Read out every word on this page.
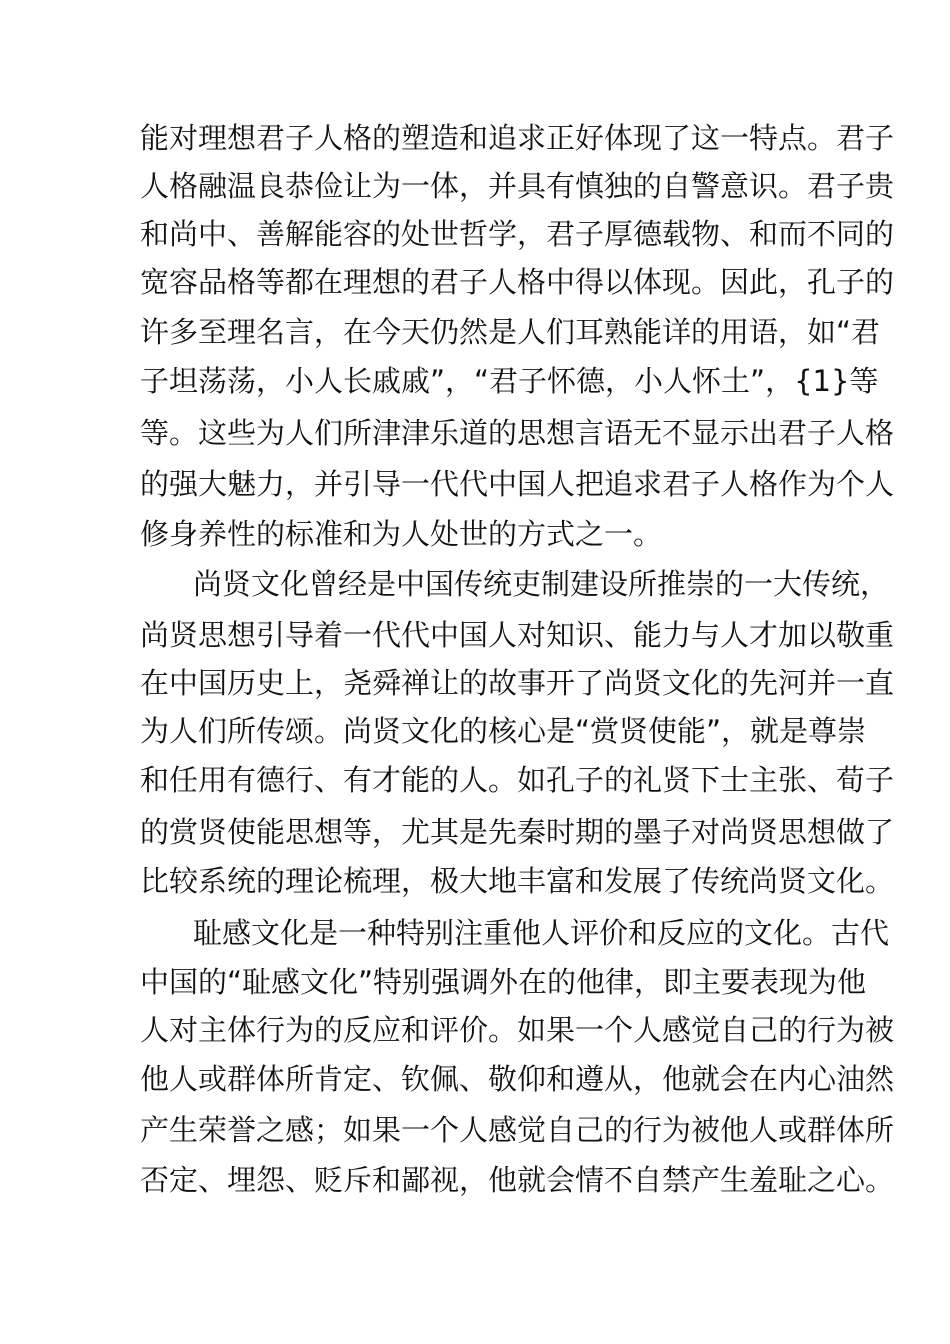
能对理想君子人格的塑造和追求正好体现了这一特点。君子
人格融温良恭俭让为一体，并具有慎独的自警意识。君子贵
和尚中、善解能容的处世哲学，君子厚德载物、和而不同的
宽容品格等都在理想的君子人格中得以体现。因此，孔子的
许多至理名言，在今天仍然是人们耳熟能详的用语，如“君
子坦荡荡，小人长戚戚”，“君子怀德，小人怀土”，{1}等
等。这些为人们所津津乐道的思想言语无不显示出君子人格
的强大魅力，并引导一代代中国人把追求君子人格作为个人
修身养性的标准和为人处世的方式之一。
尚贤文化曾经是中国传统吏制建设所推崇的一大传统，
尚贤思想引导着一代代中国人对知识、能力与人才加以敬重
在中国历史上，尧舜禅让的故事开了尚贤文化的先河并一直
为人们所传颂。尚贤文化的核心是“赏贤使能”，就是尊崇
和任用有德行、有才能的人。如孔子的礼贤下士主张、荀子
的赏贤使能思想等，尤其是先秦时期的墨子对尚贤思想做了
比较系统的理论梳理，极大地丰富和发展了传统尚贤文化。
耻感文化是一种特别注重他人评价和反应的文化。古代
中国的“耻感文化”特别强调外在的他律，即主要表现为他
人对主体行为的反应和评价。如果一个人感觉自己的行为被
他人或群体所肯定、钦佩、敬仰和遵从，他就会在内心油然
产生荣誉之感；如果一个人感觉自己的行为被他人或群体所
否定、埋怨、贬斥和鄙视，他就会情不自禁产生羞耻之心。
